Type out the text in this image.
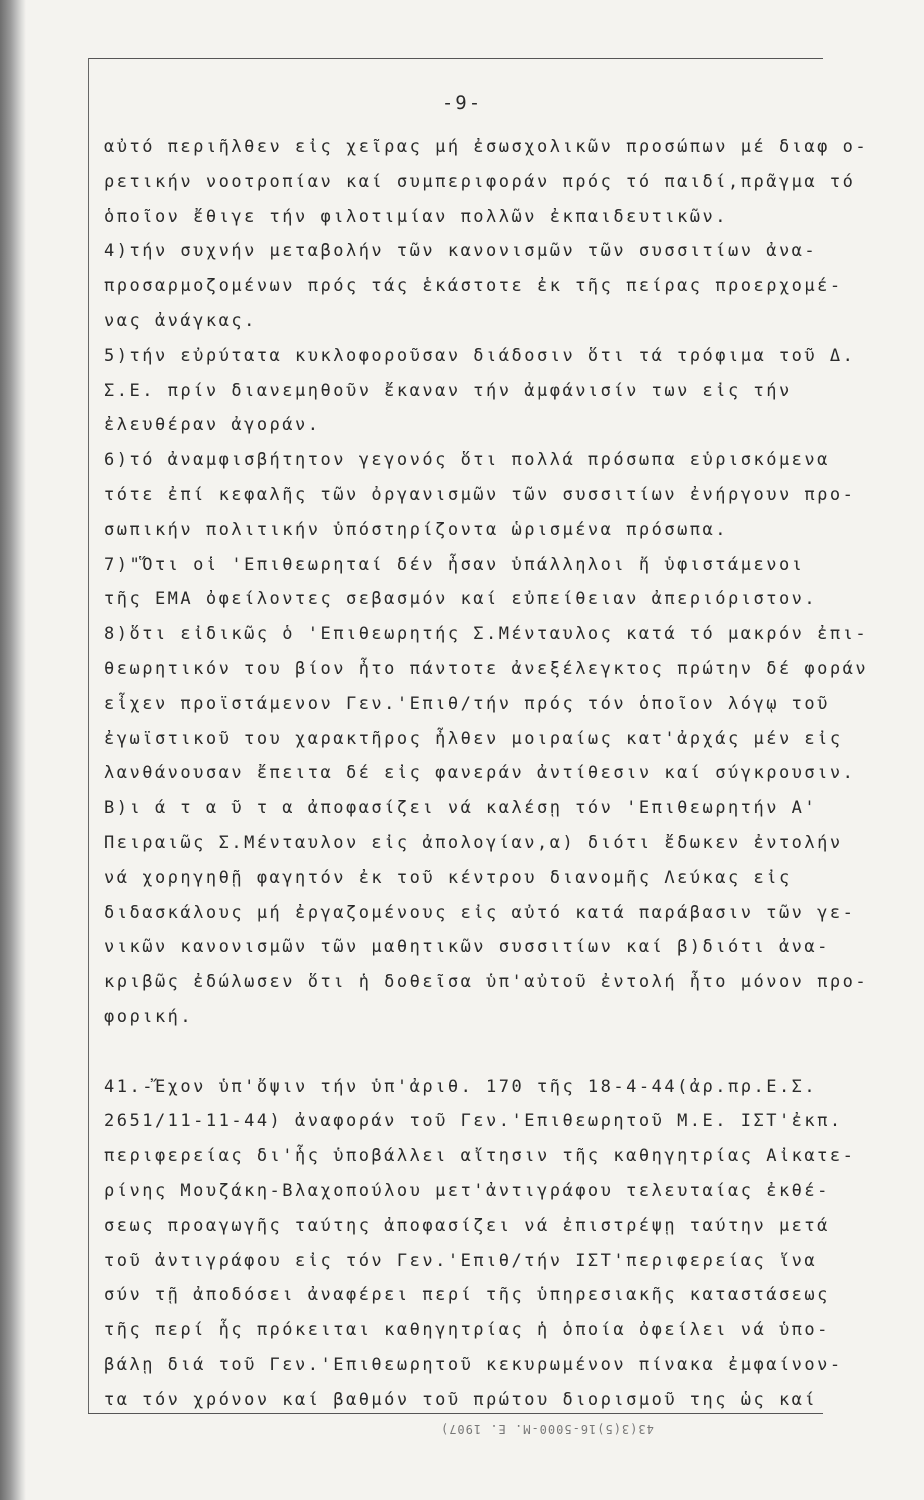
-9-
αὐτό περιῆλθεν εἰς χεῖρας μή ἐσωσχολικῶν προσώπων μέ διαφ ο-
ρετικήν νοοτροπίαν καί συμπεριφοράν πρός τό παιδί,πρᾶγμα τό
ὁποῖον ἔθιγε τήν φιλοτιμίαν πολλῶν ἐκπαιδευτικῶν.
4)τήν συχνήν μεταβολήν τῶν κανονισμῶν τῶν συσσιτίων ἀνα-
προσαρμοζομένων πρός τάς ἑκάστοτε ἐκ τῆς πείρας προερχομέ-
νας ἀνάγκας.
5)τήν εὐρύτατα κυκλοφοροῦσαν διάδοσιν ὅτι τά τρόφιμα τοῦ Δ.
Σ.Ε. πρίν διανεμηθοῦν ἔκαναν τήν ἀμφάνισίν των εἰς τήν
ἐλευθέραν ἀγοράν.
6)τό ἀναμφισβήτητον γεγονός ὅτι πολλά πρόσωπα εὑρισκόμενα
τότε ἐπί κεφαλῆς τῶν ὀργανισμῶν τῶν συσσιτίων ἐνήργουν προ-
σωπικήν πολιτικήν ὑπόστηρίζοντα ὡρισμένα πρόσωπα.
7)"Ὅτι οἱ 'Επιθεωρηταί δέν ἦσαν ὑπάλληλοι ἤ ὑφιστάμενοι
τῆς ΕΜΑ ὀφείλοντες σεβασμόν καί εὐπείθειαν ἀπεριόριστον.
8)ὅτι εἰδικῶς ὁ 'Επιθεωρητής Σ.Μένταυλος κατά τό μακρόν ἐπι-
θεωρητικόν του βίον ἦτο πάντοτε ἀνεξέλεγκτος πρώτην δέ φοράν
εἶχεν προϊστάμενον Γεν.'Επιθ/τήν πρός τόν ὁποῖον λόγῳ τοῦ
ἐγωϊστικοῦ του χαρακτῆρος ἦλθεν μοιραίως κατ'ἀρχάς μέν εἰς
λανθάνουσαν ἔπειτα δέ εἰς φανεράν ἀντίθεσιν καί σύγκρουσιν.
Β)ι ά τ α ῦ τ α ἀποφασίζει νά καλέσῃ τόν 'Επιθεωρητήν Α'
Πειραιῶς Σ.Μένταυλον εἰς ἀπολογίαν,α) διότι ἔδωκεν ἐντολήν
νά χορηγηθῇ φαγητόν ἐκ τοῦ κέντρου διανομῆς Λεύκας εἰς
διδασκάλους μή ἐργαζομένους εἰς αὐτό κατά παράβασιν τῶν γε-
νικῶν κανονισμῶν τῶν μαθητικῶν συσσιτίων καί β)διότι ἀνα-
κριβῶς ἐδώλωσεν ὅτι ἡ δοθεῖσα ὑπ'αὐτοῦ ἐντολή ἦτο μόνον προ-
φορική.
41.-Ἔχον ὑπ'ὄψιν τήν ὑπ'ἀριθ. 170 τῆς 18-4-44(ἀρ.πρ.Ε.Σ.
2651/11-11-44) ἀναφοράν τοῦ Γεν.'Επιθεωρητοῦ Μ.Ε. ΙΣΤ'ἐκπ.
περιφερείας δι'ἧς ὑποβάλλει αἴτησιν τῆς καθηγητρίας Αἰκατε-
ρίνης Μουζάκη-Βλαχοπούλου μετ'ἀντιγράφου τελευταίας ἐκθέ-
σεως προαγωγῆς ταύτης ἀποφασίζει νά ἐπιστρέψῃ ταύτην μετά
τοῦ ἀντιγράφου εἰς τόν Γεν.'Επιθ/τήν ΙΣΤ'περιφερείας ἵνα
σύν τῇ ἀποδόσει ἀναφέρει περί τῆς ὑπηρεσιακῆς καταστάσεως
τῆς περί ἧς πρόκειται καθηγητρίας ἡ ὁποία ὀφείλει νά ὑπο-
βάλῃ διά τοῦ Γεν.'Επιθεωρητοῦ κεκυρωμένον πίνακα ἐμφαίνον-
τα τόν χρόνον καί βαθμόν τοῦ πρώτου διορισμοῦ της ὡς καί
43(3(5)16-5000-Μ. Ε. 1907)
